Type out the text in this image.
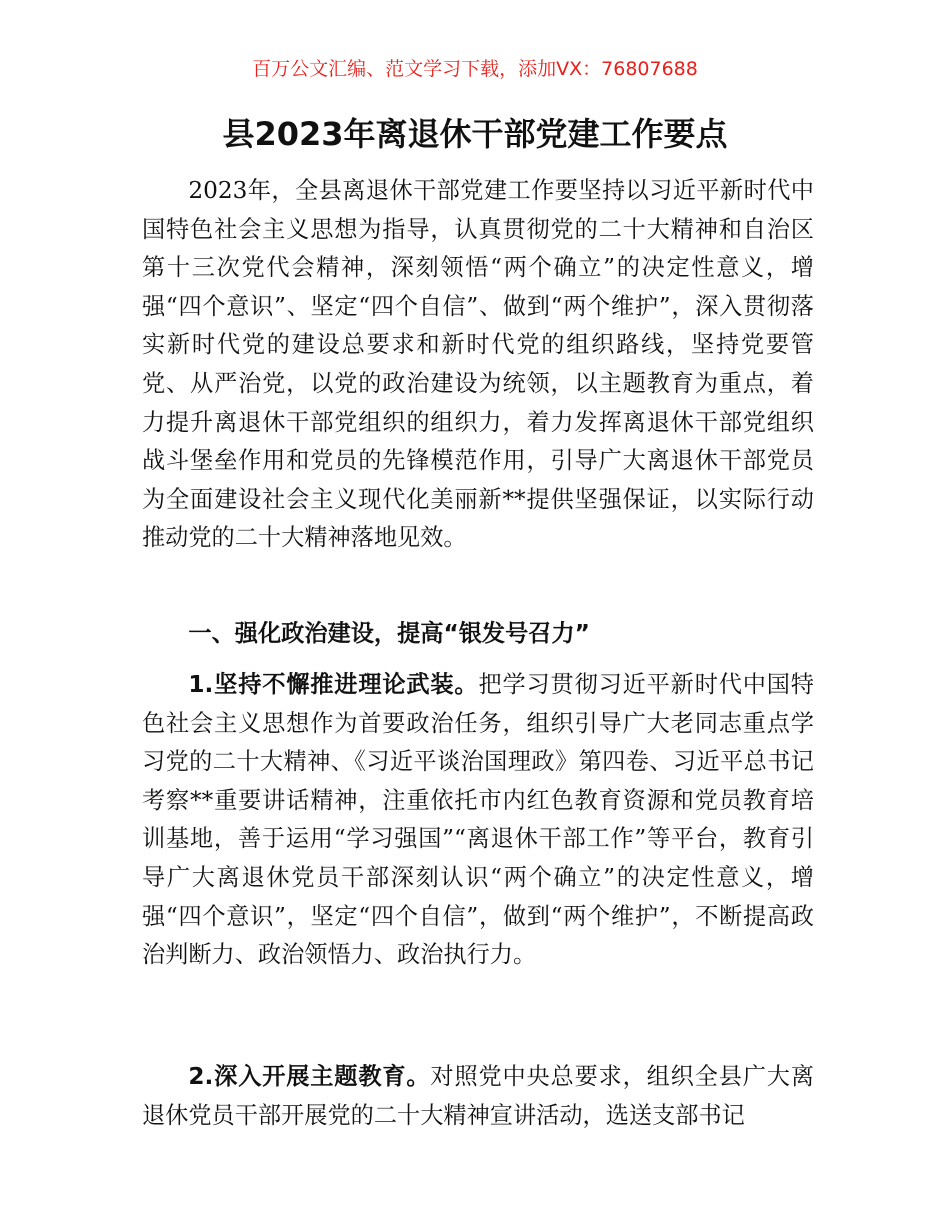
百万公文汇编、范文学习下载，添加VX：76807688
县2023年离退休干部党建工作要点

2023年，全县离退休干部党建工作要坚持以习近平新时代中国特色社会主义思想为指导，认真贯彻党的二十大精神和自治区第十三次党代会精神，深刻领悟“两个确立”的决定性意义，增强“四个意识”、坚定“四个自信”、做到“两个维护”，深入贯彻落实新时代党的建设总要求和新时代党的组织路线，坚持党要管党、从严治党，以党的政治建设为统领，以主题教育为重点，着力提升离退休干部党组织的组织力，着力发挥离退休干部党组织战斗堡垒作用和党员的先锋模范作用，引导广大离退休干部党员为全面建设社会主义现代化美丽新**提供坚强保证，以实际行动推动党的二十大精神落地见效。

一、强化政治建设，提高“银发号召力”

1.坚持不懈推进理论武装。把学习贯彻习近平新时代中国特色社会主义思想作为首要政治任务，组织引导广大老同志重点学习党的二十大精神、《习近平谈治国理政》第四卷、习近平总书记考察**重要讲话精神，注重依托市内红色教育资源和党员教育培训基地，善于运用“学习强国”“离退休干部工作”等平台，教育引导广大离退休党员干部深刻认识“两个确立”的决定性意义，增强“四个意识”，坚定“四个自信”，做到“两个维护”，不断提高政治判断力、政治领悟力、政治执行力。

2.深入开展主题教育。对照党中央总要求，组织全县广大离退休党员干部开展党的二十大精神宣讲活动，选送支部书记
